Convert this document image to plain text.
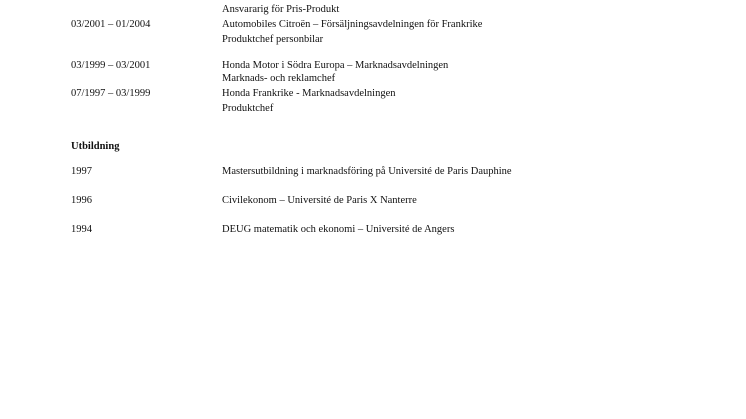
Ansvararig för Pris-Produkt
03/2001 – 01/2004	Automobiles Citroën – Försäljningsavdelningen för Frankrike
Produktchef personbilar
03/1999 – 03/2001	Honda Motor i Södra Europa – Marknadsavdelningen
Marknads- och reklamchef
07/1997 – 03/1999	Honda Frankrike - Marknadsavdelningen
Produktchef
Utbildning
1997	Mastersutbildning i marknadsföring på Université de Paris Dauphine
1996	Civilekonom – Université de Paris X Nanterre
1994	DEUG matematik och ekonomi – Université de Angers
